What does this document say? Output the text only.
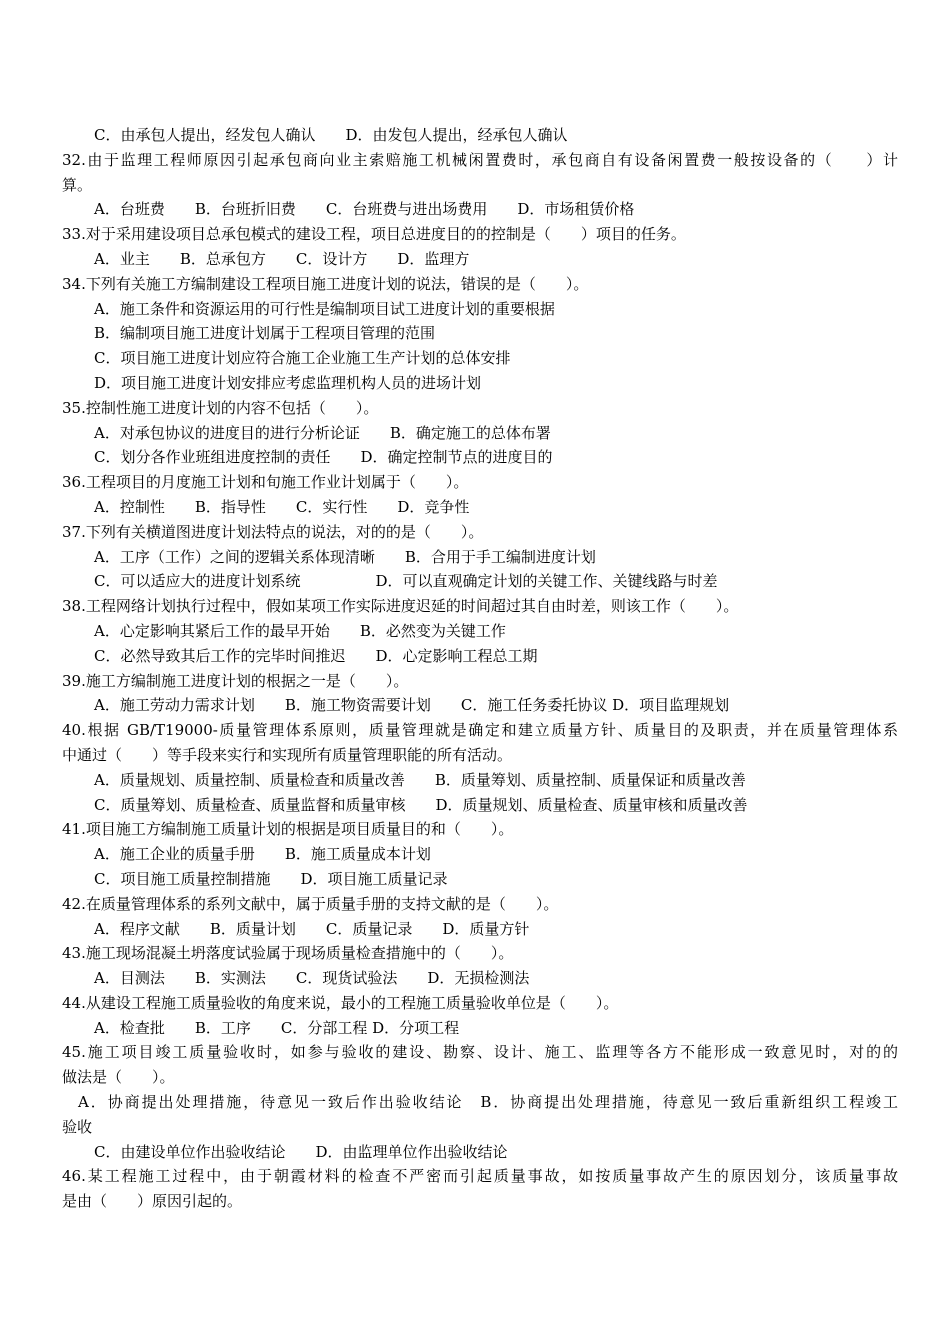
C．由承包人提出，经发包人确认　　D．由发包人提出，经承包人确认
32.由于监理工程师原因引起承包商向业主索赔施工机械闲置费时，承包商自有设备闲置费一般按设备的（　　）计
算。
A．台班费　　B．台班折旧费　　C．台班费与进出场费用　　D．市场租赁价格
33.对于采用建设项目总承包模式的建设工程，项目总进度目的的控制是（　　）项目的任务。
A．业主　　B．总承包方　　C．设计方　　D．监理方
34.下列有关施工方编制建设工程项目施工进度计划的说法，错误的是（　　）。
A．施工条件和资源运用的可行性是编制项目试工进度计划的重要根据
B．编制项目施工进度计划属于工程项目管理的范围
C．项目施工进度计划应符合施工企业施工生产计划的总体安排
D．项目施工进度计划安排应考虑监理机构人员的进场计划
35.控制性施工进度计划的内容不包括（　　）。
A．对承包协议的进度目的进行分析论证　　B．确定施工的总体布署
C．划分各作业班组进度控制的责任　　D．确定控制节点的进度目的
36.工程项目的月度施工计划和旬施工作业计划属于（　　）。
A．控制性　　B．指导性　　C．实行性　　D．竞争性
37.下列有关横道图进度计划法特点的说法，对的的是（　　）。
A．工序（工作）之间的逻辑关系体现清晰　　B．合用于手工编制进度计划
C．可以适应大的进度计划系统　　　　　D．可以直观确定计划的关键工作、关键线路与时差
38.工程网络计划执行过程中，假如某项工作实际进度迟延的时间超过其自由时差，则该工作（　　）。
A．心定影响其紧后工作的最早开始　　B．必然变为关键工作
C．必然导致其后工作的完毕时间推迟　　D．心定影响工程总工期
39.施工方编制施工进度计划的根据之一是（　　）。
A．施工劳动力需求计划　　B．施工物资需要计划　　C．施工任务委托协议 D．项目监理规划
40.根据 GB/T19000-质量管理体系原则，质量管理就是确定和建立质量方针、质量目的及职责，并在质量管理体系
中通过（　　）等手段来实行和实现所有质量管理职能的所有活动。
A．质量规划、质量控制、质量检查和质量改善　　B．质量筹划、质量控制、质量保证和质量改善
C．质量筹划、质量检查、质量监督和质量审核　　D．质量规划、质量检查、质量审核和质量改善
41.项目施工方编制施工质量计划的根据是项目质量目的和（　　）。
A．施工企业的质量手册　　B．施工质量成本计划
C．项目施工质量控制措施　　D．项目施工质量记录
42.在质量管理体系的系列文献中，属于质量手册的支持文献的是（　　）。
A．程序文献　　B．质量计划　　C．质量记录　　D．质量方针
43.施工现场混凝土坍落度试验属于现场质量检查措施中的（　　）。
A．目测法　　B．实测法　　C．现货试验法　　D．无损检测法
44.从建设工程施工质量验收的角度来说，最小的工程施工质量验收单位是（　　）。
A．检查批　　B．工序　　C．分部工程 D．分项工程
45.施工项目竣工质量验收时，如参与验收的建设、勘察、设计、施工、监理等各方不能形成一致意见时，对的的
做法是（　　）。
A．协商提出处理措施，待意见一致后作出验收结论　B．协商提出处理措施，待意见一致后重新组织工程竣工
验收
C．由建设单位作出验收结论　　D．由监理单位作出验收结论
46.某工程施工过程中，由于朝霞材料的检查不严密而引起质量事故，如按质量事故产生的原因划分，该质量事故
是由（　　）原因引起的。
